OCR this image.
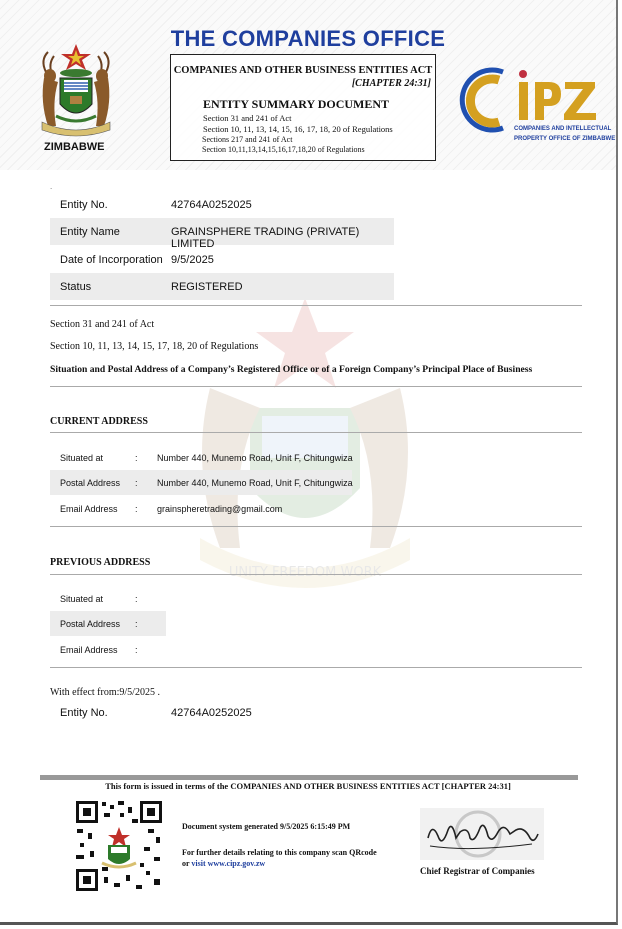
THE COMPANIES OFFICE
ZIMBABWE
COMPANIES AND OTHER BUSINESS ENTITIES ACT
[CHAPTER 24:31]
ENTITY SUMMARY DOCUMENT
Section 31 and 241 of Act
Section 10, 11, 13, 14, 15, 16, 17, 18, 20 of Regulations
Sections 217 and 241 of Act
Section 10,11,13,14,15,16,17,18,20 of Regulations
COMPANIES AND INTELLECTUAL
PROPERTY OFFICE OF ZIMBABWE
.
UNITY FREEDOM WORK
Entity No.	42764A0252025
Entity Name	GRAINSPHERE TRADING (PRIVATE) LIMITED
Date of Incorporation 9/5/2025
Status	REGISTERED
Section 31 and 241 of Act
Section 10, 11, 13, 14, 15, 17, 18, 20 of Regulations
Situation and Postal Address of a Company’s Registered Office or of a Foreign Company’s Principal Place of Business
CURRENT ADDRESS
Situated at	: Number 440, Munemo Road, Unit F, Chitungwiza
Postal Address : Number 440, Munemo Road, Unit F, Chitungwiza
Email Address : grainspheretrading@gmail.com
PREVIOUS ADDRESS
Situated at	:
Postal Address :
Email Address :
With effect from:9/5/2025 .
Entity No.	42764A0252025
This form is issued in terms of the COMPANIES AND OTHER BUSINESS ENTITIES ACT [CHAPTER 24:31]
Document system generated 9/5/2025 6:15:49 PM
For further details relating to this company scan QRcode
or visit www.cipz.gov.zw
Chief Registrar of Companies
